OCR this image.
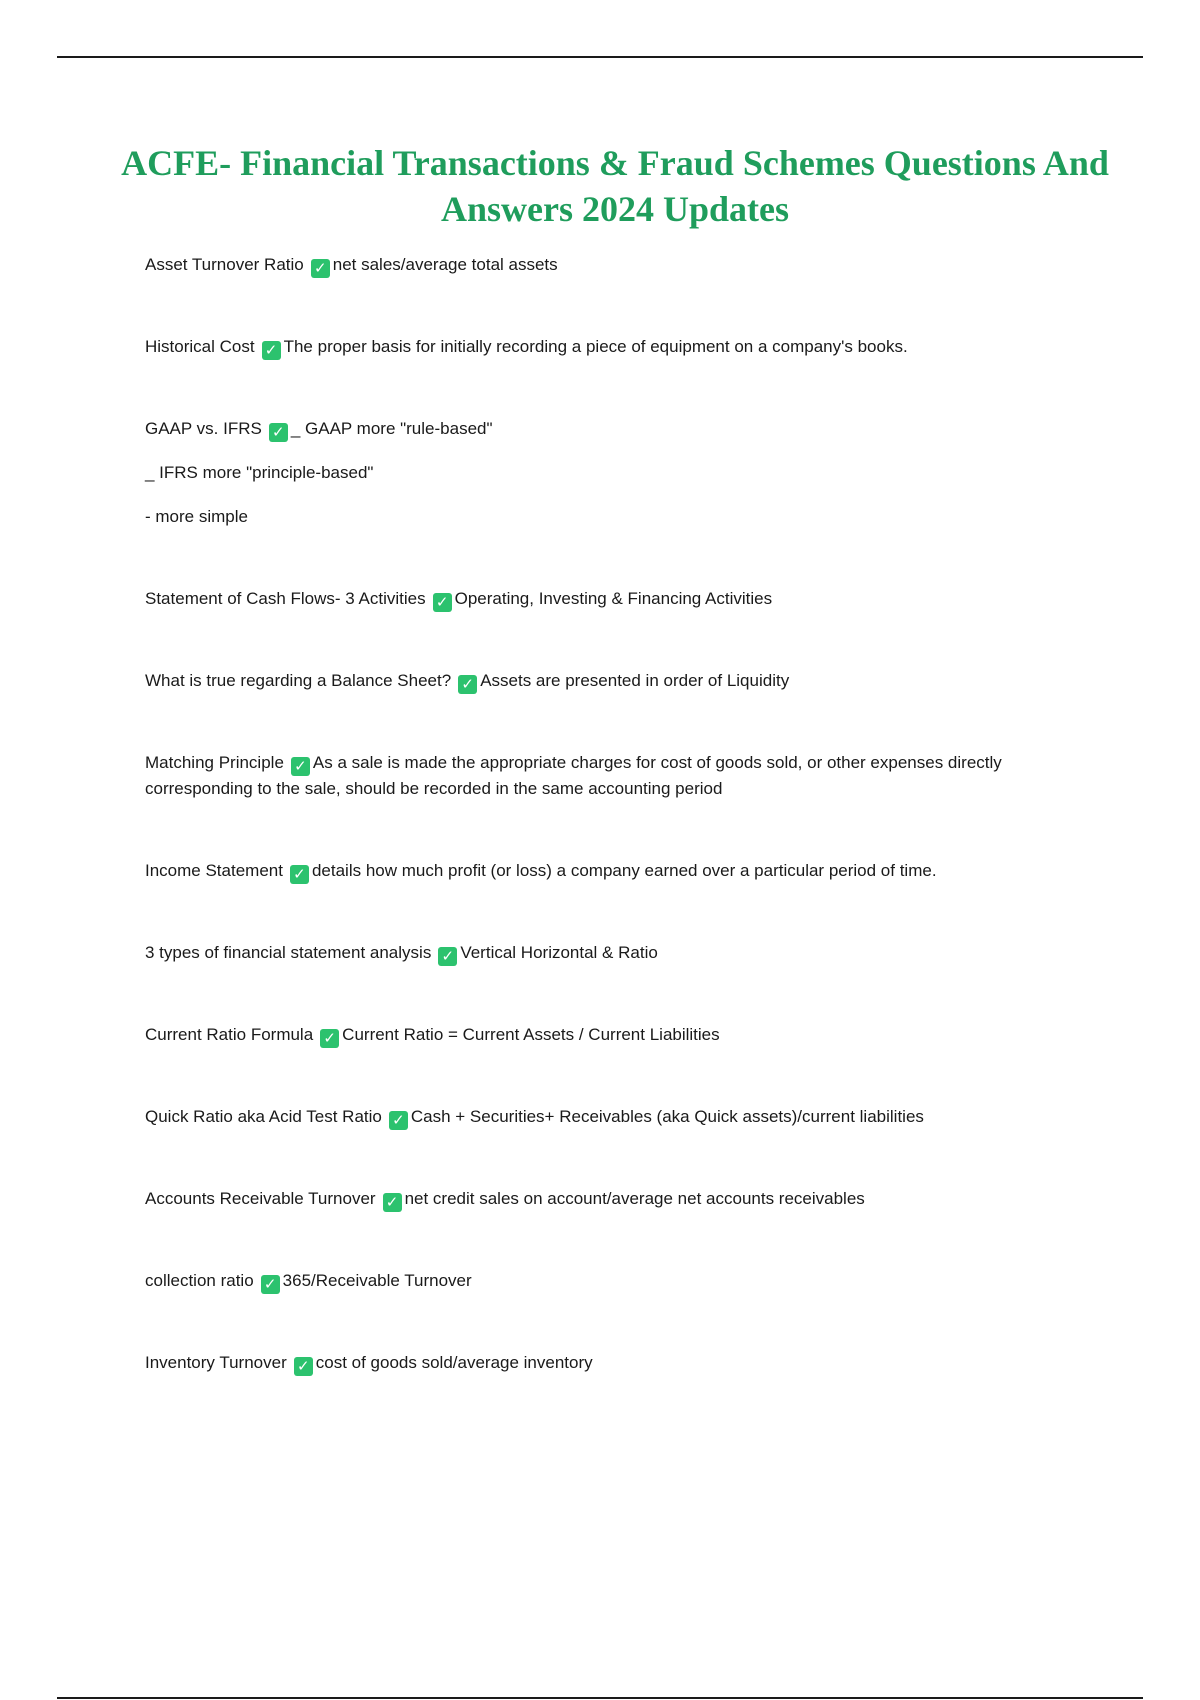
ACFE- Financial Transactions & Fraud Schemes Questions And Answers 2024 Updates

Asset Turnover Ratio ✓ net sales/average total assets

Historical Cost ✓ The proper basis for initially recording a piece of equipment on a company's books.

GAAP vs. IFRS ✓ _ GAAP more "rule-based"

_ IFRS more "principle-based"

- more simple

Statement of Cash Flows- 3 Activities ✓ Operating, Investing & Financing Activities

What is true regarding a Balance Sheet? ✓ Assets are presented in order of Liquidity

Matching Principle ✓ As a sale is made the appropriate charges for cost of goods sold, or other expenses directly corresponding to the sale, should be recorded in the same accounting period

Income Statement ✓ details how much profit (or loss) a company earned over a particular period of time.

3 types of financial statement analysis ✓ Vertical Horizontal & Ratio

Current Ratio Formula ✓ Current Ratio = Current Assets / Current Liabilities

Quick Ratio aka Acid Test Ratio ✓ Cash + Securities+ Receivables (aka Quick assets)/current liabilities

Accounts Receivable Turnover ✓ net credit sales on account/average net accounts receivables

collection ratio ✓ 365/Receivable Turnover

Inventory Turnover ✓ cost of goods sold/average inventory
